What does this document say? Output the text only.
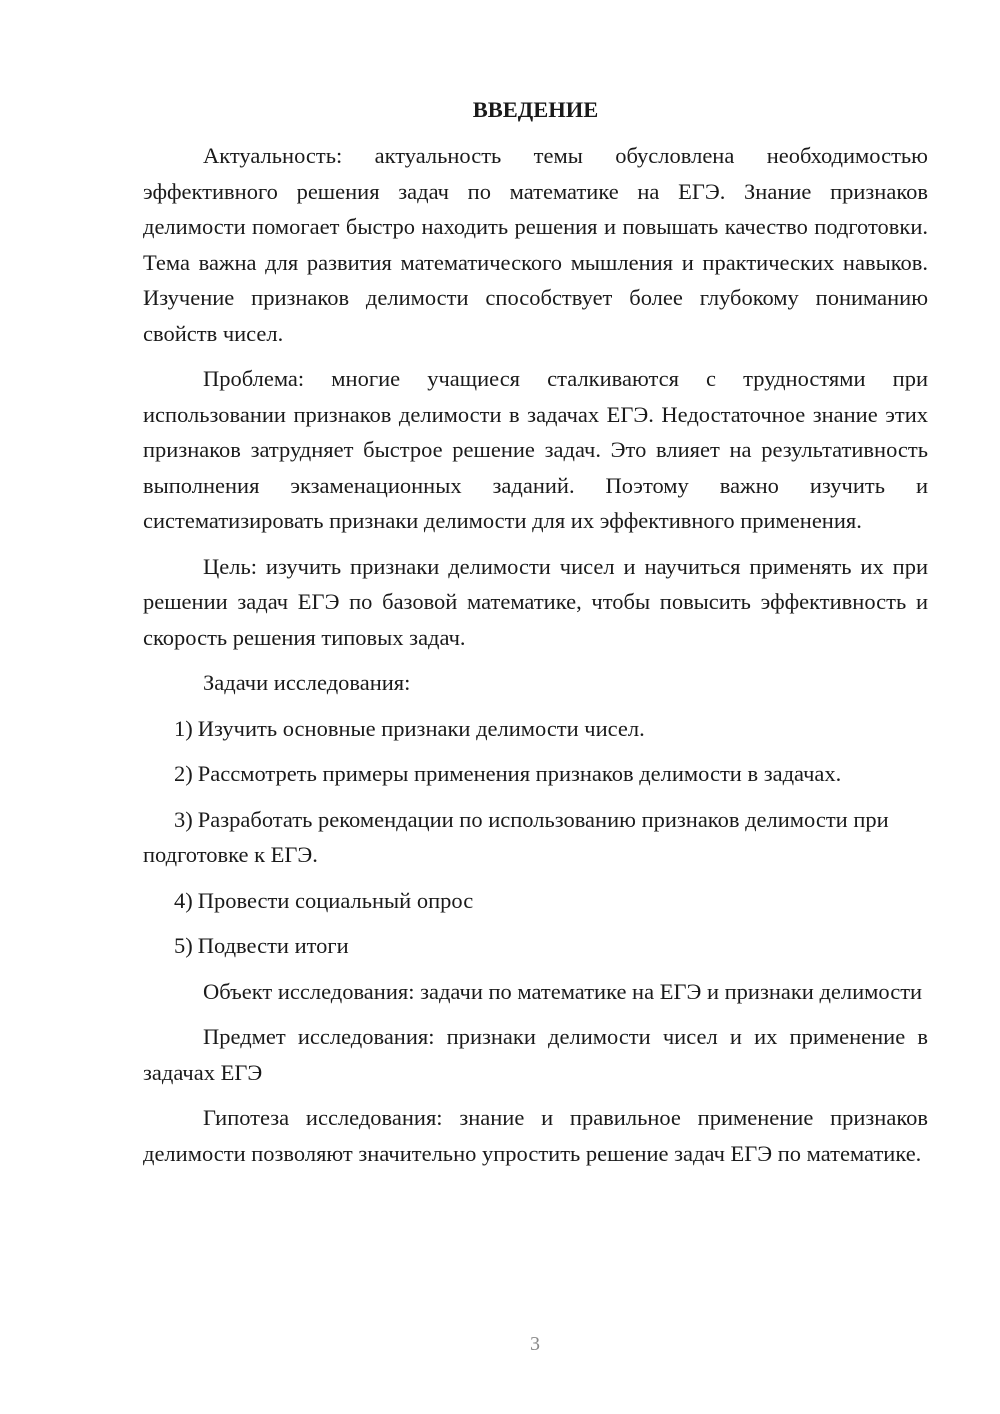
ВВЕДЕНИЕ

Актуальность: актуальность темы обусловлена необходимостью эффективного решения задач по математике на ЕГЭ. Знание признаков делимости помогает быстро находить решения и повышать качество подготовки. Тема важна для развития математического мышления и практических навыков. Изучение признаков делимости способствует более глубокому пониманию свойств чисел.

Проблема: многие учащиеся сталкиваются с трудностями при использовании признаков делимости в задачах ЕГЭ. Недостаточное знание этих признаков затрудняет быстрое решение задач. Это влияет на результативность выполнения экзаменационных заданий. Поэтому важно изучить и систематизировать признаки делимости для их эффективного применения.

Цель: изучить признаки делимости чисел и научиться применять их при решении задач ЕГЭ по базовой математике, чтобы повысить эффективность и скорость решения типовых задач.

Задачи исследования:

1) Изучить основные признаки делимости чисел.

2) Рассмотреть примеры применения признаков делимости в задачах.

3) Разработать рекомендации по использованию признаков делимости при подготовке к ЕГЭ.

4) Провести социальный опрос

5) Подвести итоги

Объект исследования: задачи по математике на ЕГЭ и признаки делимости

Предмет исследования: признаки делимости чисел и их применение в задачах ЕГЭ

Гипотеза исследования: знание и правильное применение признаков делимости позволяют значительно упростить решение задач ЕГЭ по математике.

3
